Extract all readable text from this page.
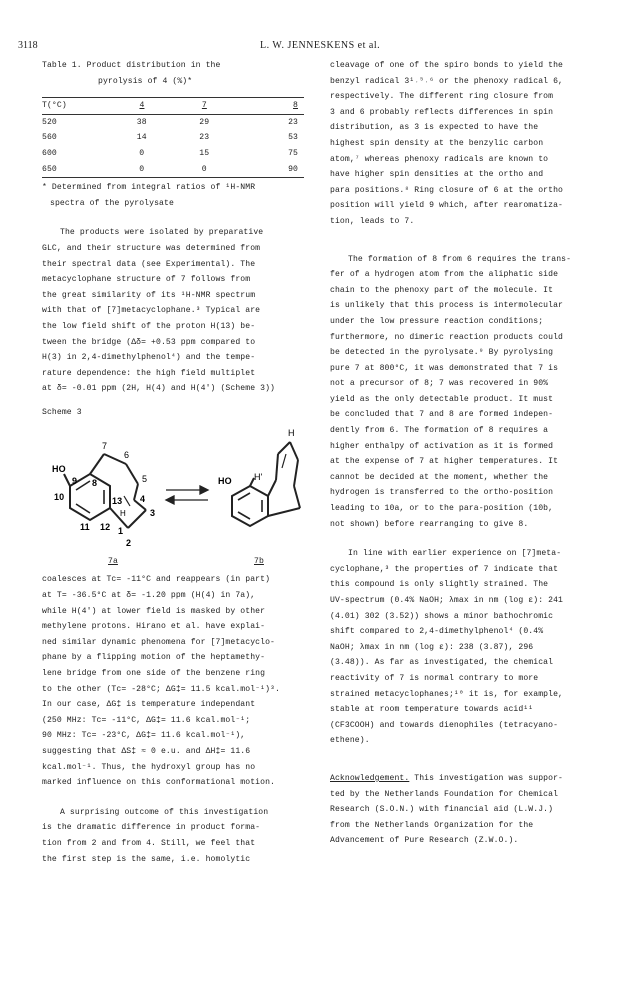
3118	L. W. JENNESKENS et al.

Table 1. Product distribution in the

pyrolysis of 4 (%)*

T(°C)	4	7	8
520	38	29	23
560	14	23	53
600	0	15	75
650	0	0	90

* Determined from integral ratios of ¹H-NMR

spectra of the pyrolysate

The products were isolated by preparative

GLC, and their structure was determined from

their spectral data (see Experimental). The

metacyclophane structure of 7 follows from

the great similarity of its ¹H-NMR spectrum

with that of [7]metacyclophane.³ Typical are

the low field shift of the proton H(13) be-

tween the bridge (Δδ= +0.53 ppm compared to

H(3) in 2,4-dimethylphenol⁴) and the tempe-

rature dependence: the high field multiplet

at δ= -0.01 ppm (2H, H(4) and H(4') (Scheme 3))

Scheme 3

HO
7
6
5
8
9
10	13 4
11 12 1
H	3
2
HO H'
H
7a	7b

coalesces at Tc= -11°C and reappears (in part)

at T= -36.5°C at δ= -1.20 ppm (H(4) in 7a),

while H(4') at lower field is masked by other

methylene protons. Hirano et al. have explai-

ned similar dynamic phenomena for [7]metacyclo-

phane by a flipping motion of the heptamethy-

lene bridge from one side of the benzene ring

to the other (Tc= -28°C; ΔG‡= 11.5 kcal.mol⁻¹)³.

In our case, ΔG‡ is temperature independant

(250 MHz: Tc= -11°C, ΔG‡= 11.6 kcal.mol⁻¹;

90 MHz: Tc= -23°C, ΔG‡= 11.6 kcal.mol⁻¹),

suggesting that ΔS‡ ≈ 0 e.u. and ΔH‡= 11.6

kcal.mol⁻¹. Thus, the hydroxyl group has no

marked influence on this conformational motion.

A surprising outcome of this investigation

is the dramatic difference in product forma-

tion from 2 and from 4. Still, we feel that

the first step is the same, i.e. homolytic

cleavage of one of the spiro bonds to yield the

benzyl radical 3¹˒⁵˒⁶ or the phenoxy radical 6,

respectively. The different ring closure from

3 and 6 probably reflects differences in spin

distribution, as 3 is expected to have the

highest spin density at the benzylic carbon

atom,⁷ whereas phenoxy radicals are known to

have higher spin densities at the ortho and

para positions.⁸ Ring closure of 6 at the ortho

position will yield 9 which, after rearomatiza-

tion, leads to 7.

The formation of 8 from 6 requires the trans-

fer of a hydrogen atom from the aliphatic side

chain to the phenoxy part of the molecule. It

is unlikely that this process is intermolecular

under the low pressure reaction conditions;

furthermore, no dimeric reaction products could

be detected in the pyrolysate.⁹ By pyrolysing

pure 7 at 800°C, it was demonstrated that 7 is

not a precursor of 8; 7 was recovered in 90%

yield as the only detectable product. It must

be concluded that 7 and 8 are formed indepen-

dently from 6. The formation of 8 requires a

higher enthalpy of activation as it is formed

at the expense of 7 at higher temperatures. It

cannot be decided at the moment, whether the

hydrogen is transferred to the ortho-position

leading to 10a, or to the para-position (10b,

not shown) before rearranging to give 8.

In line with earlier experience on [7]meta-

cyclophane,³ the properties of 7 indicate that

this compound is only slightly strained. The

UV-spectrum (0.4% NaOH; λmax in nm (log ε): 241

(4.01) 302 (3.52)) shows a minor bathochromic

shift compared to 2,4-dimethylphenol⁴ (0.4%

NaOH; λmax in nm (log ε): 238 (3.87), 296

(3.48)). As far as investigated, the chemical

reactivity of 7 is normal contrary to more

strained metacyclophanes;¹⁰ it is, for example,

stable at room temperature towards acid¹¹

(CF3COOH) and towards dienophiles (tetracyano-

ethene).

Acknowledgement. This investigation was suppor-

ted by the Netherlands Foundation for Chemical

Research (S.O.N.) with financial aid (L.W.J.)

from the Netherlands Organization for the

Advancement of Pure Research (Z.W.O.).
